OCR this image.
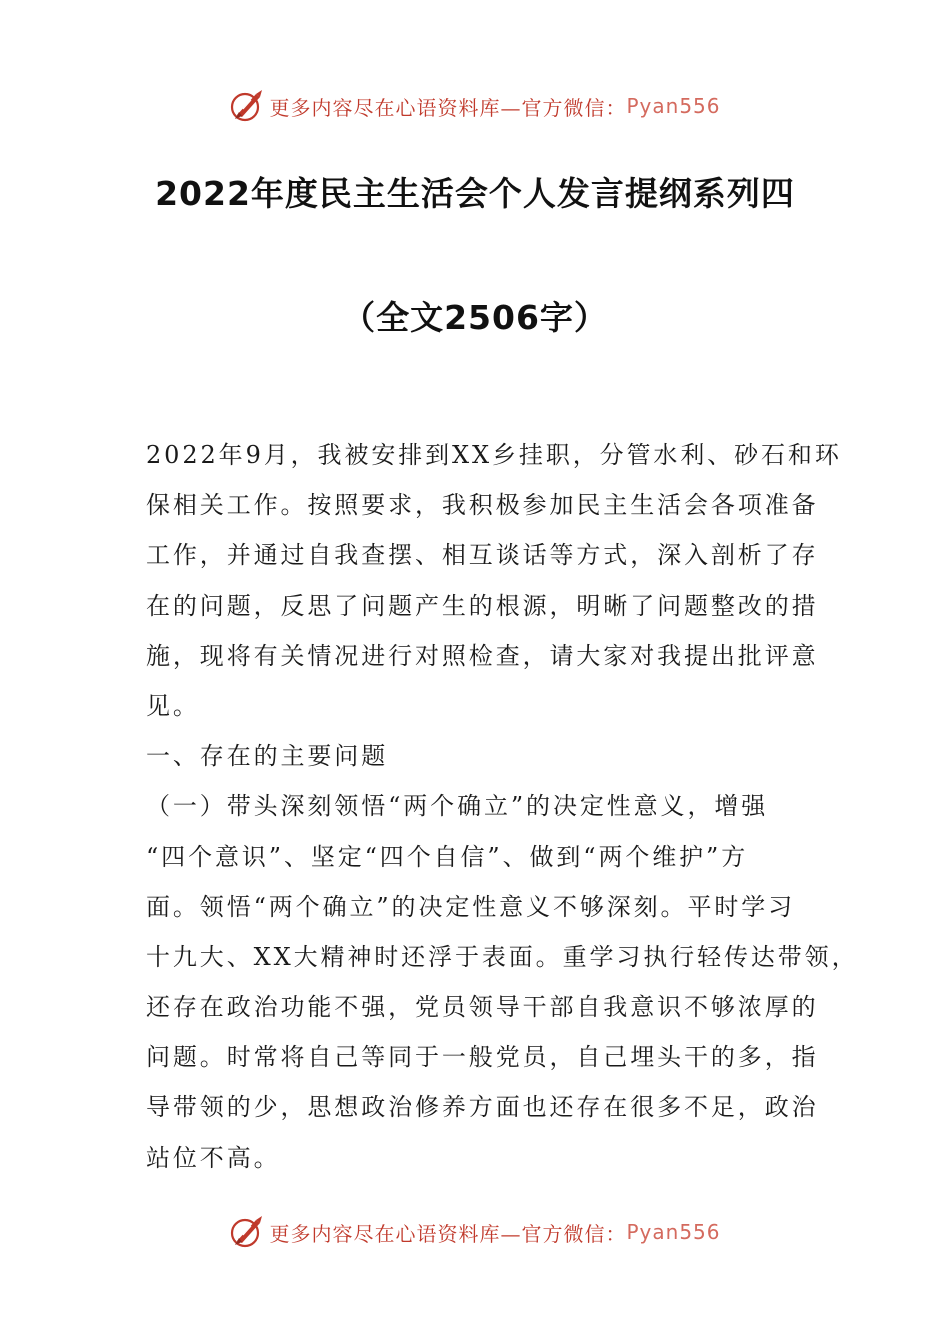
更多内容尽在心语资料库—官方微信： Pyan556
2022年度民主生活会个人发言提纲系列四
（全文2506字）
2022年9月，我被安排到XX乡挂职，分管水利、砂石和环
保相关工作。按照要求，我积极参加民主生活会各项准备
工作，并通过自我查摆、相互谈话等方式，深入剖析了存
在的问题，反思了问题产生的根源，明晰了问题整改的措
施，现将有关情况进行对照检查，请大家对我提出批评意
见。
一、存在的主要问题
（一）带头深刻领悟“两个确立”的决定性意义，增强
“四个意识”、坚定“四个自信”、做到“两个维护”方
面。领悟“两个确立”的决定性意义不够深刻。平时学习
十九大、XX大精神时还浮于表面。重学习执行轻传达带领，
还存在政治功能不强，党员领导干部自我意识不够浓厚的
问题。时常将自己等同于一般党员，自己埋头干的多，指
导带领的少，思想政治修养方面也还存在很多不足，政治
站位不高。
更多内容尽在心语资料库—官方微信： Pyan556
